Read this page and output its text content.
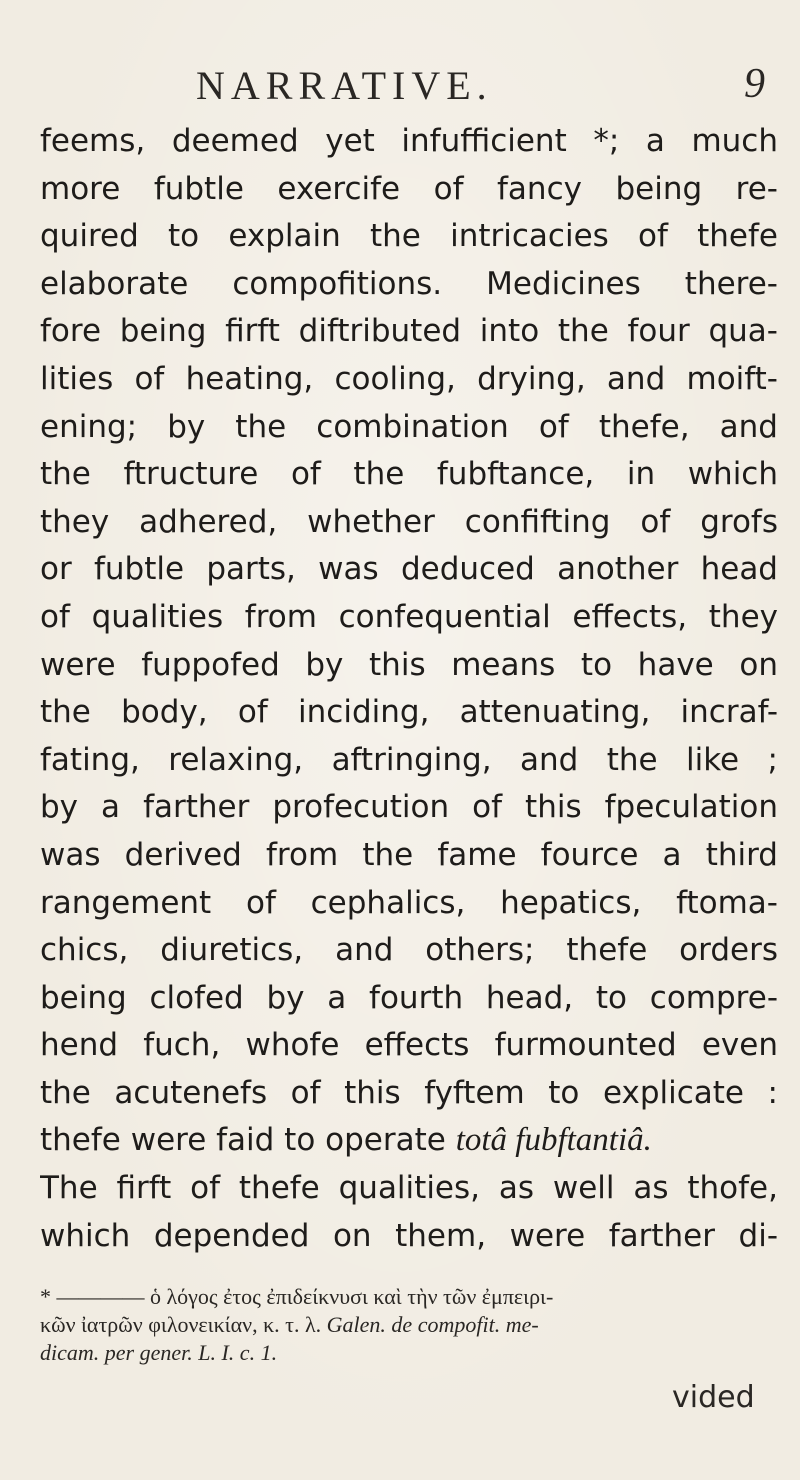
NARRATIVE.	9
feems, deemed yet infufficient *; a much
more fubtle exercife of fancy being re-
quired to explain the intricacies of thefe
elaborate compofitions. Medicines there-
fore being firft diftributed into the four qua-
lities of heating, cooling, drying, and moift-
ening; by the combination of thefe, and
the ftructure of the fubftance, in which
they adhered, whether confifting of grofs
or fubtle parts, was deduced another head
of qualities from confequential effects, they
were fuppofed by this means to have on
the body, of inciding, attenuating, incraf-
fating, relaxing, aftringing, and the like ;
by a farther profecution of this fpeculation
was derived from the fame fource a third
rangement of cephalics, hepatics, ftoma-
chics, diuretics, and others; thefe orders
being clofed by a fourth head, to compre-
hend fuch, whofe effects furmounted even
the acutenefs of this fyftem to explicate :
thefe were faid to operate totâ fubftantiâ.
The firft of thefe qualities, as well as thofe,
which depended on them, were farther di-
* ———— ὁ λόγος ἐτος ἐπιδείκνυσι καὶ τὴν τῶν ἐμπειρι-
κῶν ἰατρῶν φιλονεικίαν, κ. τ. λ. Galen. de compofit. me-
dicam. per gener. L. I. c. 1.
vided
